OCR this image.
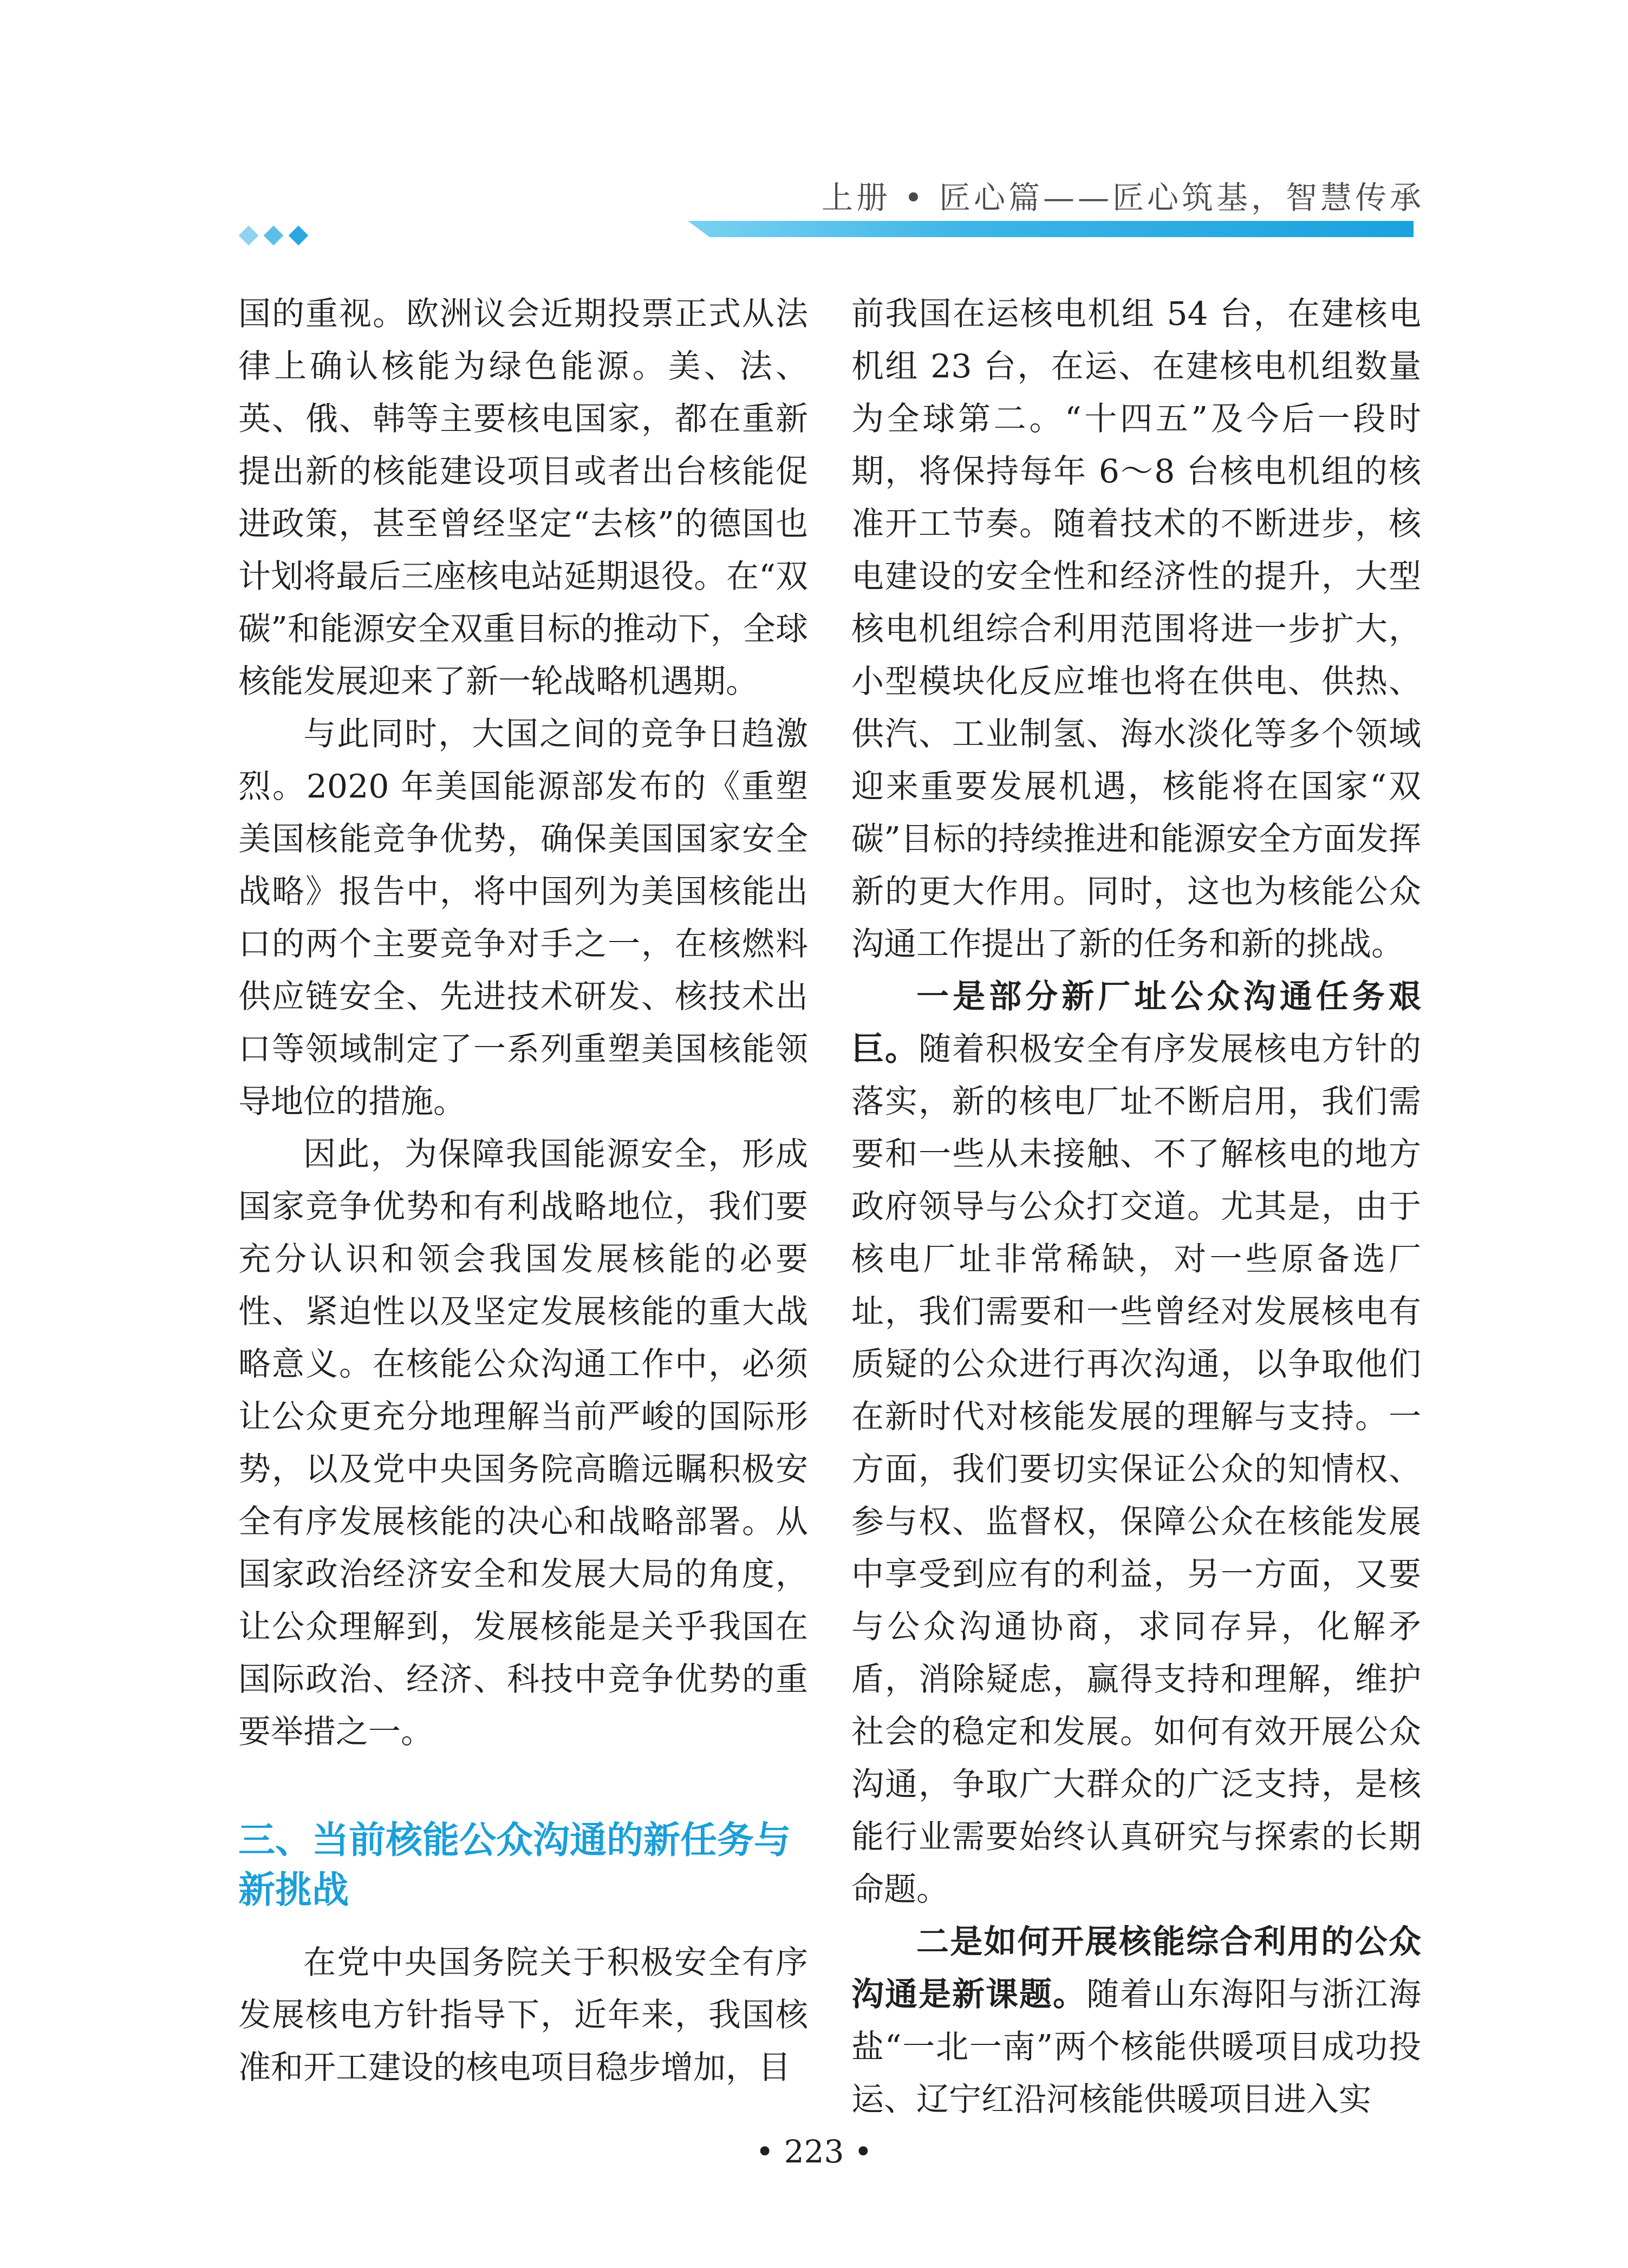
上册 • 匠心篇——匠心筑基，智慧传承

国的重视。欧洲议会近期投票正式从法律上确认核能为绿色能源。美、法、英、俄、韩等主要核电国家，都在重新提出新的核能建设项目或者出台核能促进政策，甚至曾经坚定“去核”的德国也计划将最后三座核电站延期退役。在“双碳”和能源安全双重目标的推动下，全球核能发展迎来了新一轮战略机遇期。

与此同时，大国之间的竞争日趋激烈。2020 年美国能源部发布的《重塑美国核能竞争优势，确保美国国家安全战略》报告中，将中国列为美国核能出口的两个主要竞争对手之一，在核燃料供应链安全、先进技术研发、核技术出口等领域制定了一系列重塑美国核能领导地位的措施。

因此，为保障我国能源安全，形成国家竞争优势和有利战略地位，我们要充分认识和领会我国发展核能的必要性、紧迫性以及坚定发展核能的重大战略意义。在核能公众沟通工作中，必须让公众更充分地理解当前严峻的国际形势，以及党中央国务院高瞻远瞩积极安全有序发展核能的决心和战略部署。从国家政治经济安全和发展大局的角度，让公众理解到，发展核能是关乎我国在国际政治、经济、科技中竞争优势的重要举措之一。

三、当前核能公众沟通的新任务与新挑战

在党中央国务院关于积极安全有序发展核电方针指导下，近年来，我国核准和开工建设的核电项目稳步增加，目

前我国在运核电机组 54 台，在建核电机组 23 台，在运、在建核电机组数量为全球第二。“十四五”及今后一段时期，将保持每年 6～8 台核电机组的核准开工节奏。随着技术的不断进步，核电建设的安全性和经济性的提升，大型核电机组综合利用范围将进一步扩大，小型模块化反应堆也将在供电、供热、供汽、工业制氢、海水淡化等多个领域迎来重要发展机遇，核能将在国家“双碳”目标的持续推进和能源安全方面发挥新的更大作用。同时，这也为核能公众沟通工作提出了新的任务和新的挑战。

一是部分新厂址公众沟通任务艰巨。随着积极安全有序发展核电方针的落实，新的核电厂址不断启用，我们需要和一些从未接触、不了解核电的地方政府领导与公众打交道。尤其是，由于核电厂址非常稀缺，对一些原备选厂址，我们需要和一些曾经对发展核电有质疑的公众进行再次沟通，以争取他们在新时代对核能发展的理解与支持。一方面，我们要切实保证公众的知情权、参与权、监督权，保障公众在核能发展中享受到应有的利益，另一方面，又要与公众沟通协商，求同存异，化解矛盾，消除疑虑，赢得支持和理解，维护社会的稳定和发展。如何有效开展公众沟通，争取广大群众的广泛支持，是核能行业需要始终认真研究与探索的长期命题。

二是如何开展核能综合利用的公众沟通是新课题。随着山东海阳与浙江海盐“一北一南”两个核能供暖项目成功投运、辽宁红沿河核能供暖项目进入实

• 223 •
